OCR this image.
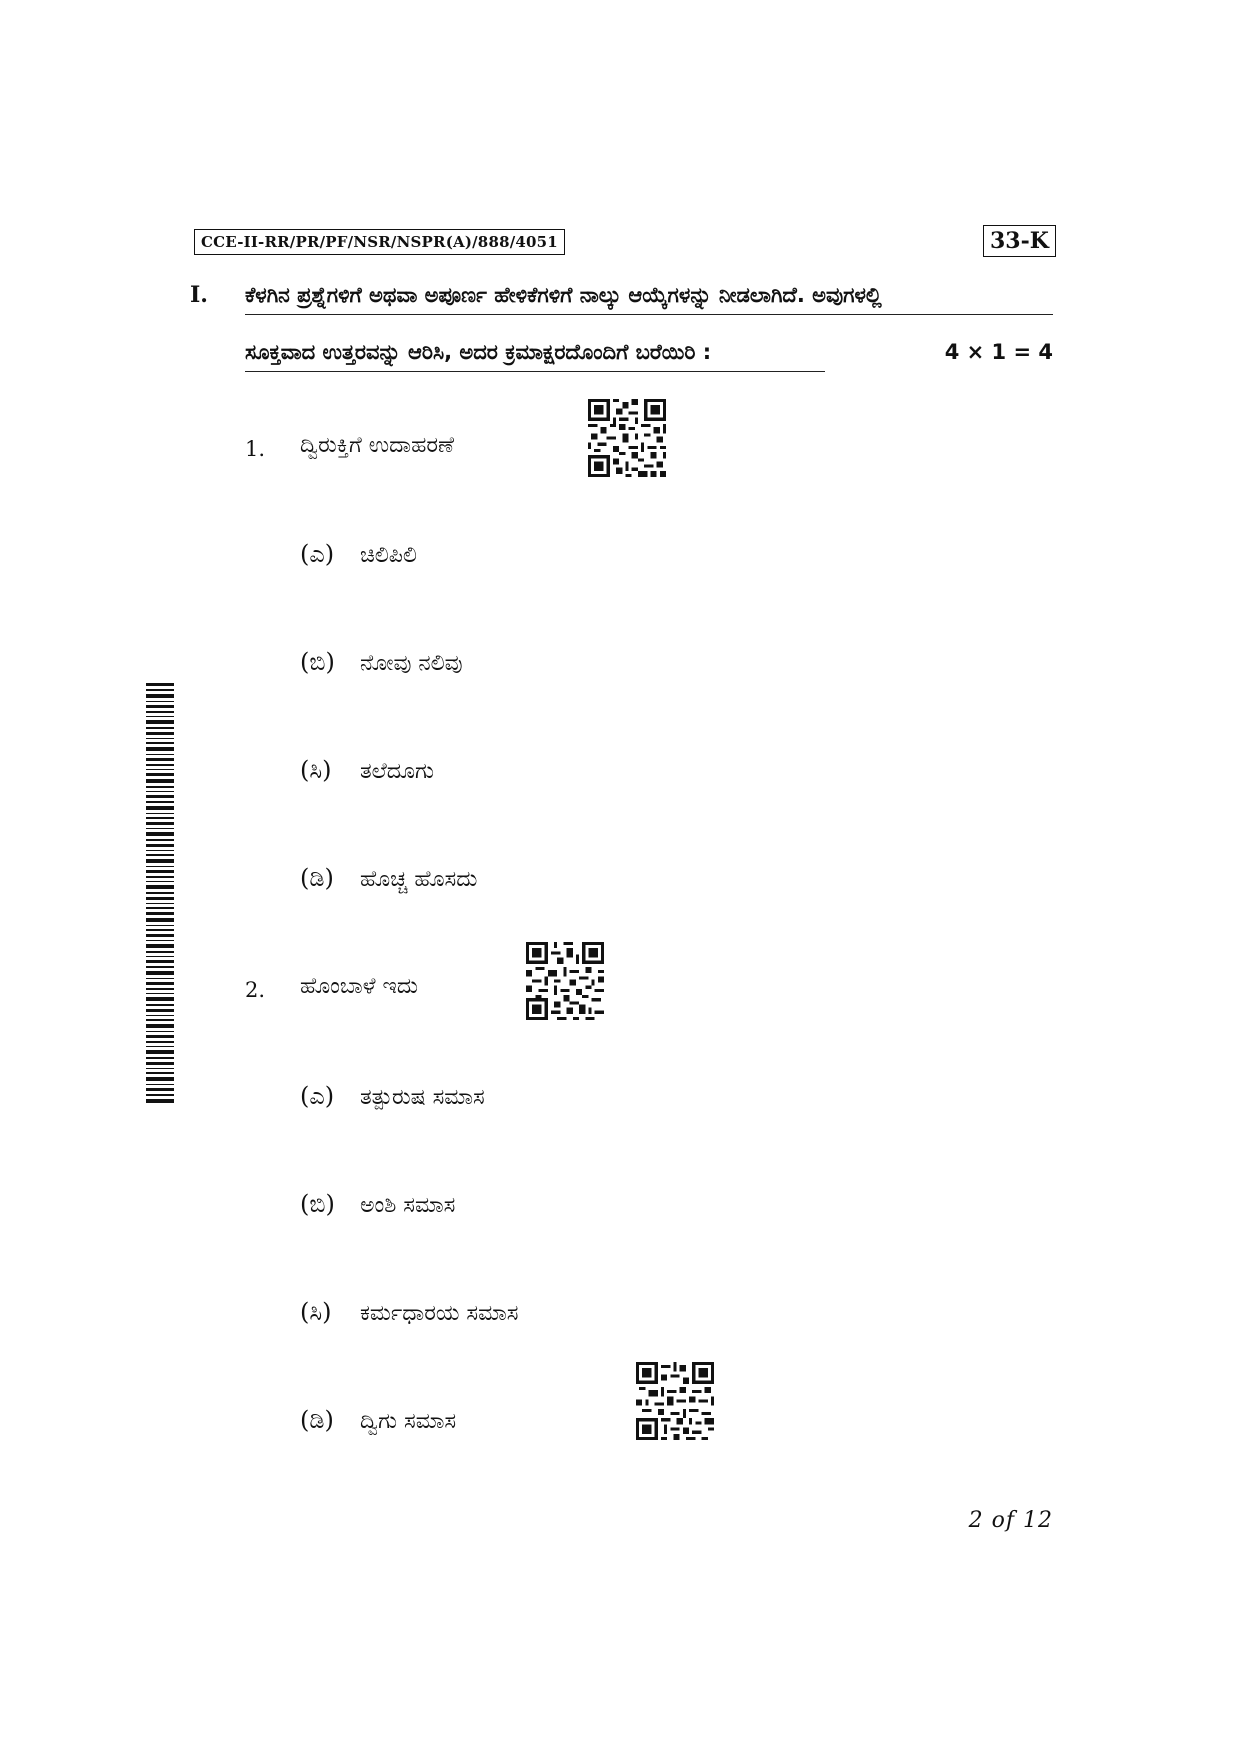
CCE-II-RR/PR/PF/NSR/NSPR(A)/888/4051	33-K
I. ಕೆಳಗಿನ ಪ್ರಶ್ನೆಗಳಿಗೆ ಅಥವಾ ಅಪೂರ್ಣ ಹೇಳಿಕೆಗಳಿಗೆ ನಾಲ್ಕು ಆಯ್ಕೆಗಳನ್ನು ನೀಡಲಾಗಿದೆ. ಅವುಗಳಲ್ಲಿ
ಸೂಕ್ತವಾದ ಉತ್ತರವನ್ನು ಆರಿಸಿ, ಅದರ ಕ್ರಮಾಕ್ಷರದೊಂದಿಗೆ ಬರೆಯಿರಿ :	4 × 1 = 4
1. ದ್ವಿರುಕ್ತಿಗೆ ಉದಾಹರಣೆ
(ಎ) ಚಿಲಿಪಿಲಿ
(ಬಿ) ನೋವು ನಲಿವು
(ಸಿ) ತಲೆದೂಗು
(ಡಿ) ಹೊಚ್ಚ ಹೊಸದು
2. ಹೊಂಬಾಳೆ ಇದು
(ಎ) ತತ್ಪುರುಷ ಸಮಾಸ
(ಬಿ) ಅಂಶಿ ಸಮಾಸ
(ಸಿ) ಕರ್ಮಧಾರಯ ಸಮಾಸ
(ಡಿ) ದ್ವಿಗು ಸಮಾಸ
2 of 12
